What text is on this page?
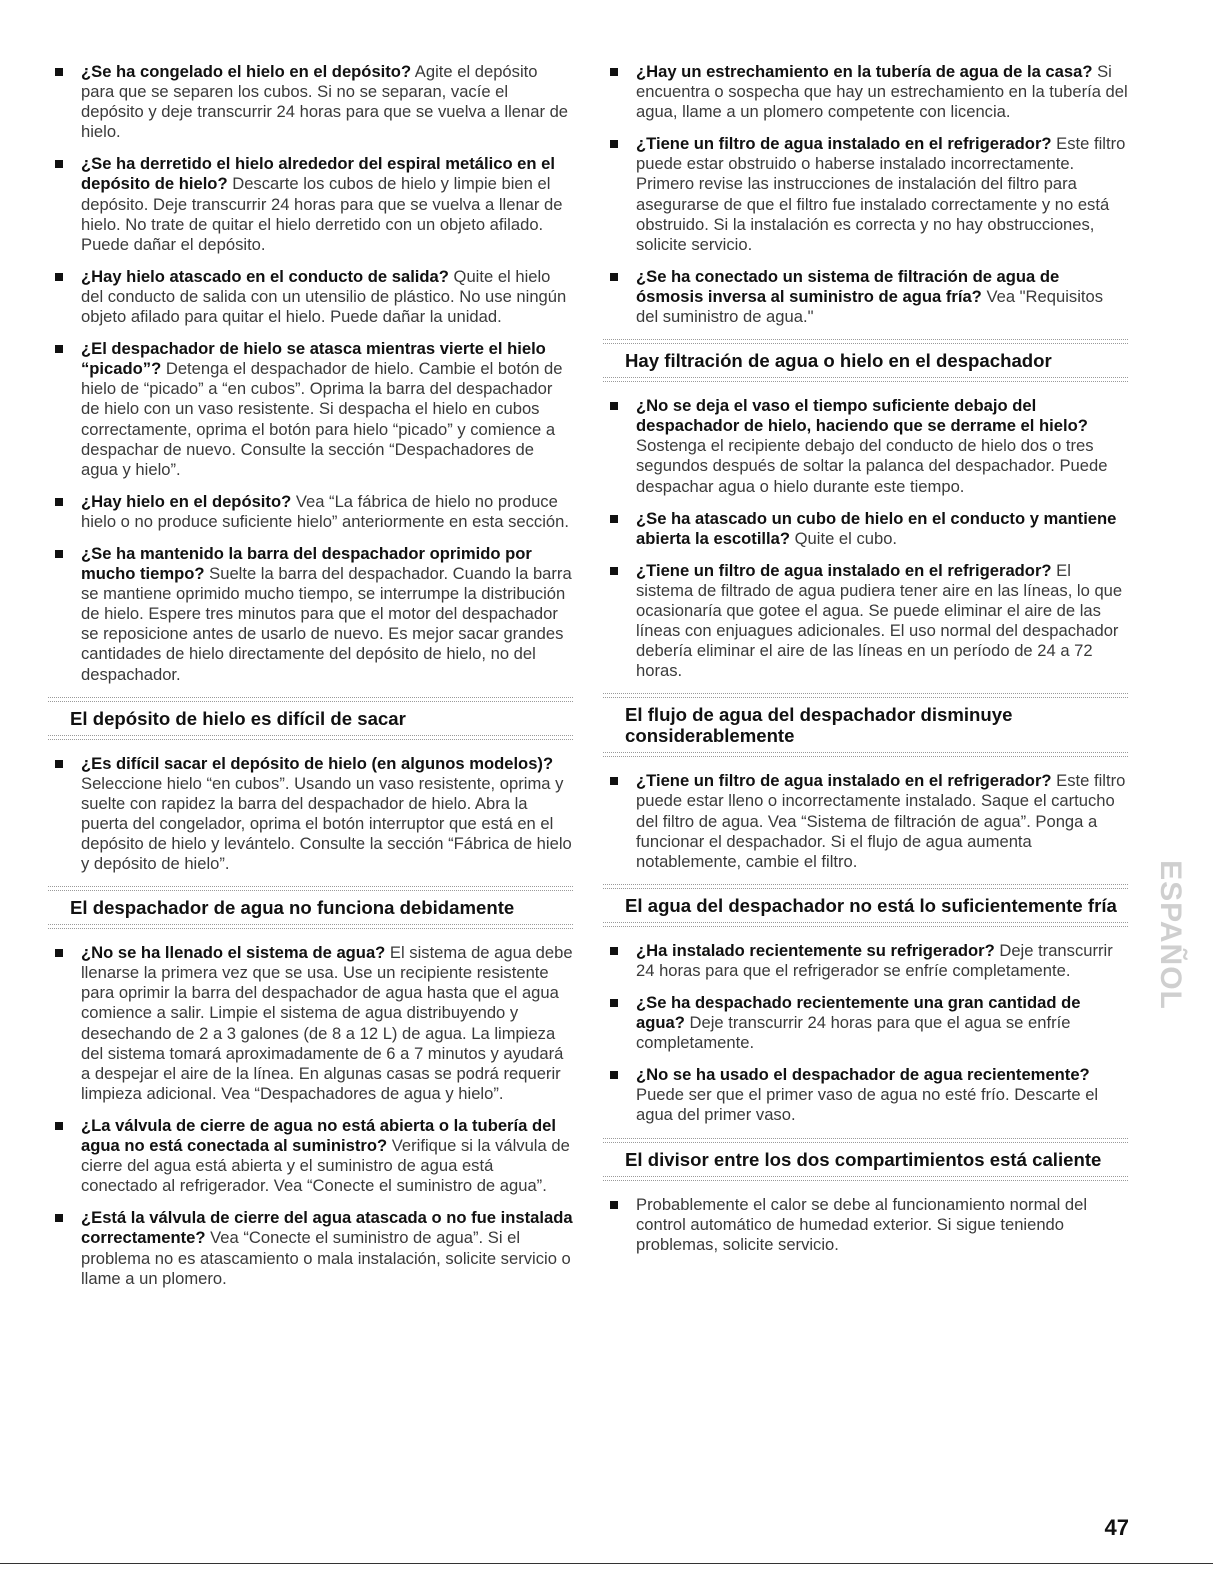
¿Se ha congelado el hielo en el depósito? Agite el depósito para que se separen los cubos. Si no se separan, vacíe el depósito y deje transcurrir 24 horas para que se vuelva a llenar de hielo.
¿Se ha derretido el hielo alrededor del espiral metálico en el depósito de hielo? Descarte los cubos de hielo y limpie bien el depósito. Deje transcurrir 24 horas para que se vuelva a llenar de hielo. No trate de quitar el hielo derretido con un objeto afilado. Puede dañar el depósito.
¿Hay hielo atascado en el conducto de salida? Quite el hielo del conducto de salida con un utensilio de plástico. No use ningún objeto afilado para quitar el hielo. Puede dañar la unidad.
¿El despachador de hielo se atasca mientras vierte el hielo “picado”? Detenga el despachador de hielo. Cambie el botón de hielo de “picado” a “en cubos”. Oprima la barra del despachador de hielo con un vaso resistente. Si despacha el hielo en cubos correctamente, oprima el botón para hielo “picado” y comience a despachar de nuevo. Consulte la sección “Despachadores de agua y hielo”.
¿Hay hielo en el depósito? Vea “La fábrica de hielo no produce hielo o no produce suficiente hielo” anteriormente en esta sección.
¿Se ha mantenido la barra del despachador oprimido por mucho tiempo? Suelte la barra del despachador. Cuando la barra se mantiene oprimido mucho tiempo, se interrumpe la distribución de hielo. Espere tres minutos para que el motor del despachador se reposicione antes de usarlo de nuevo. Es mejor sacar grandes cantidades de hielo directamente del depósito de hielo, no del despachador.
El depósito de hielo es difícil de sacar
¿Es difícil sacar el depósito de hielo (en algunos modelos)? Seleccione hielo “en cubos”. Usando un vaso resistente, oprima y suelte con rapidez la barra del despachador de hielo. Abra la puerta del congelador, oprima el botón interruptor que está en el depósito de hielo y levántelo. Consulte la sección “Fábrica de hielo y depósito de hielo”.
El despachador de agua no funciona debidamente
¿No se ha llenado el sistema de agua? El sistema de agua debe llenarse la primera vez que se usa. Use un recipiente resistente para oprimir la barra del despachador de agua hasta que el agua comience a salir. Limpie el sistema de agua distribuyendo y desechando de 2 a 3 galones (de 8 a 12 L) de agua. La limpieza del sistema tomará aproximadamente de 6 a 7 minutos y ayudará a despejar el aire de la línea. En algunas casas se podrá requerir limpieza adicional. Vea “Despachadores de agua y hielo”.
¿La válvula de cierre de agua no está abierta o la tubería del agua no está conectada al suministro? Verifique si la válvula de cierre del agua está abierta y el suministro de agua está conectado al refrigerador. Vea “Conecte el suministro de agua”.
¿Está la válvula de cierre del agua atascada o no fue instalada correctamente? Vea “Conecte el suministro de agua”. Si el problema no es atascamiento o mala instalación, solicite servicio o llame a un plomero.
¿Hay un estrechamiento en la tubería de agua de la casa? Si encuentra o sospecha que hay un estrechamiento en la tubería del agua, llame a un plomero competente con licencia.
¿Tiene un filtro de agua instalado en el refrigerador? Este filtro puede estar obstruido o haberse instalado incorrectamente. Primero revise las instrucciones de instalación del filtro para asegurarse de que el filtro fue instalado correctamente y no está obstruido. Si la instalación es correcta y no hay obstrucciones, solicite servicio.
¿Se ha conectado un sistema de filtración de agua de ósmosis inversa al suministro de agua fría? Vea "Requisitos del suministro de agua."
Hay filtración de agua o hielo en el despachador
¿No se deja el vaso el tiempo suficiente debajo del despachador de hielo, haciendo que se derrame el hielo? Sostenga el recipiente debajo del conducto de hielo dos o tres segundos después de soltar la palanca del despachador. Puede despachar agua o hielo durante este tiempo.
¿Se ha atascado un cubo de hielo en el conducto y mantiene abierta la escotilla? Quite el cubo.
¿Tiene un filtro de agua instalado en el refrigerador? El sistema de filtrado de agua pudiera tener aire en las líneas, lo que ocasionaría que gotee el agua. Se puede eliminar el aire de las líneas con enjuagues adicionales. El uso normal del despachador debería eliminar el aire de las líneas en un período de 24 a 72 horas.
El flujo de agua del despachador disminuye considerablemente
¿Tiene un filtro de agua instalado en el refrigerador? Este filtro puede estar lleno o incorrectamente instalado. Saque el cartucho del filtro de agua. Vea “Sistema de filtración de agua”. Ponga a funcionar el despachador. Si el flujo de agua aumenta notablemente, cambie el filtro.
El agua del despachador no está lo suficientemente fría
¿Ha instalado recientemente su refrigerador? Deje transcurrir 24 horas para que el refrigerador se enfríe completamente.
¿Se ha despachado recientemente una gran cantidad de agua? Deje transcurrir 24 horas para que el agua se enfríe completamente.
¿No se ha usado el despachador de agua recientemente? Puede ser que el primer vaso de agua no esté frío. Descarte el agua del primer vaso.
El divisor entre los dos compartimientos está caliente
Probablemente el calor se debe al funcionamiento normal del control automático de humedad exterior. Si sigue teniendo problemas, solicite servicio.
ESPAÑOL
47
